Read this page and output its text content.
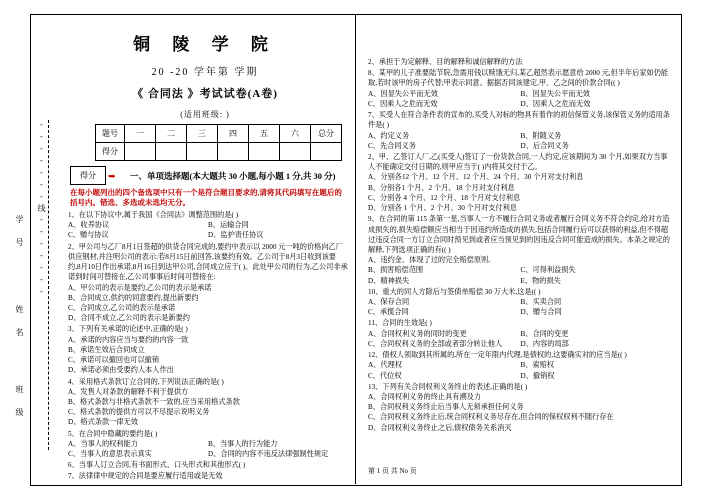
-------线-------
学 号
姓 名
班 级
铜 陵 学 院
20 -20 学年第 学期
《 合同法 》考试试卷(A卷)
(适用班级: )
题号	一	二	三	四	五	六	总分
得分							
得分	➥ 一、单项选择题(本大题共 30 小题,每小题 1 分,共 30 分)
在每小题列出的四个备选项中只有一个是符合题目要求的,请将其代码填写在题后的括号内。错选、多选或未选均无分。
1、在以下协议中,属于我国《合同法》调整范围的是( )
A、收养协议	B、运输合同
C、赠与协议	D、监护责任协议
2、甲公司与乙厂8月1日签超的供货合同完成的,要约中表示以 2000 元一吨的价格向乙厂供应钢材,并注明公司的表示:若8月15日前回答,该要约有效。乙公司于8月3日收到该要约,8月10日作出承诺,8月16日到达甲公司,合同成立应于( )。此处甲公司的行为,乙公司非承诺到时间可替接在,乙公司事事后时间可替接在:
A、甲公司的表示是要约,乙公司的表示是承诺
B、合同成立,供约的同意要约,提出新要约
C、合同成立,乙公司的表示是承诺
D、合同不成立,乙公司的表示是新要约
3、下列有关承诺的论述中,正确的是( )
A、承诺的内容应当与要约的内容一致
B、承诺生效后合同成立
C、承诺可以撤回也可以撤销
D、承诺必须由受要约人本人作出
4、采用格式条款订立合同的,下列说法正确的是( )
A、发售人对条款的解释不利于提供方
B、格式条款与非格式条款不一致的,应当采用格式条款
C、格式条款的提供方可以不尽提示说明义务
D、格式条款一律无效
5、在合同中隐藏的要约是( )
A、当事人的权利能力	B、当事人的行为能力
C、当事人的意思表示真实	D、合同的内容不违反法律强制性规定
6、当事人订立合同,有书面形式、口头形式和其他形式( )
7、法律律中规定的合同是要应履行适用或是无效
2、承担于为定解释、目的解释和诚信解释的方法
8、某甲的儿子准要陆节院,急需用钱以赎饿无归,某乙超然表示愿意给 2000 元,但半年后家如仍能取,若时该甲的房子代替;甲表示同意。据据否同该建定,甲、乙之间的价款合同(( )
A、因显失公平而无效	B、因显失公平而无效
C、因乘人之危而无效	D、因乘人之危而无效
7、买受人在符合条件表的宣布的,买受人对标的物具有着作的初信保管义务,该保管义务的适用条件是( )
A、约定义务	B、附随义务
C、先合同义务	D、后合同义务
2、甲、乙签订人厂,乙(买受人)签订了一份货款合同,一人约定,应该期间为 30 个月,如果双方当事人不能确定交付日期的,则甲应当于( )内将其交付于乙。
A、分别各12 个月、12 个月、12 个月、24 个月、30 个月对支付利息
B、分别各1 个月、2 个月、18 个月对支付利息
C、分别各 4 个月、12 个月、18 个月对支付利息
D、分别各 1 个月、2 个月、30 个月对支付利息
9、在合同的第 115 条第一星,当事人一方不履行合同义务或者履行合同义务不符合约定,给对方造成损失的,损失赔偿额应当相当于因违约所造成的损失,包括合同履行后可以获得的利益,但不得超过违反合同一方订立合同时预见到或者应当预见到的因违反合同可能造成的损失。本条之规定的解释,下列选项正确的有(( )
A、违约金、体现了过的完全赔偿原则,
B、损害赔偿范围	C、可得利益损失
D、精神损失	E、物的损失
10、重大的同人方除后与签债单赔偿 30 万大米,这是(( )
A、保存合同	B、买卖合同
C、承揽合同	D、赠与合同
11、合同的生效是( )
A、合同权利义务的同时的变更	B、合同的变更
C、合同权利义务的全部或者部分转让他人	D、内容的局部
12、债权人领取到其所属的,所在一定年限内代理,是债权的,这要确实对的应当是(( )
A、代理权	B、索赔权
C、代位权	D、撤销权
13、下列有关合同权利义务终止的表述,正确的是( )
A、合同权利义务的终止具有溯及力
B、合同权利义务终止后当事人无须承担任何义务
C、合同权利义务终止后,统合同权利义务尽存在,但合同的保权权利不随行存在
D、合同权利义务终止之后,债权债务关系消灭
第 1 页 共 No 页
